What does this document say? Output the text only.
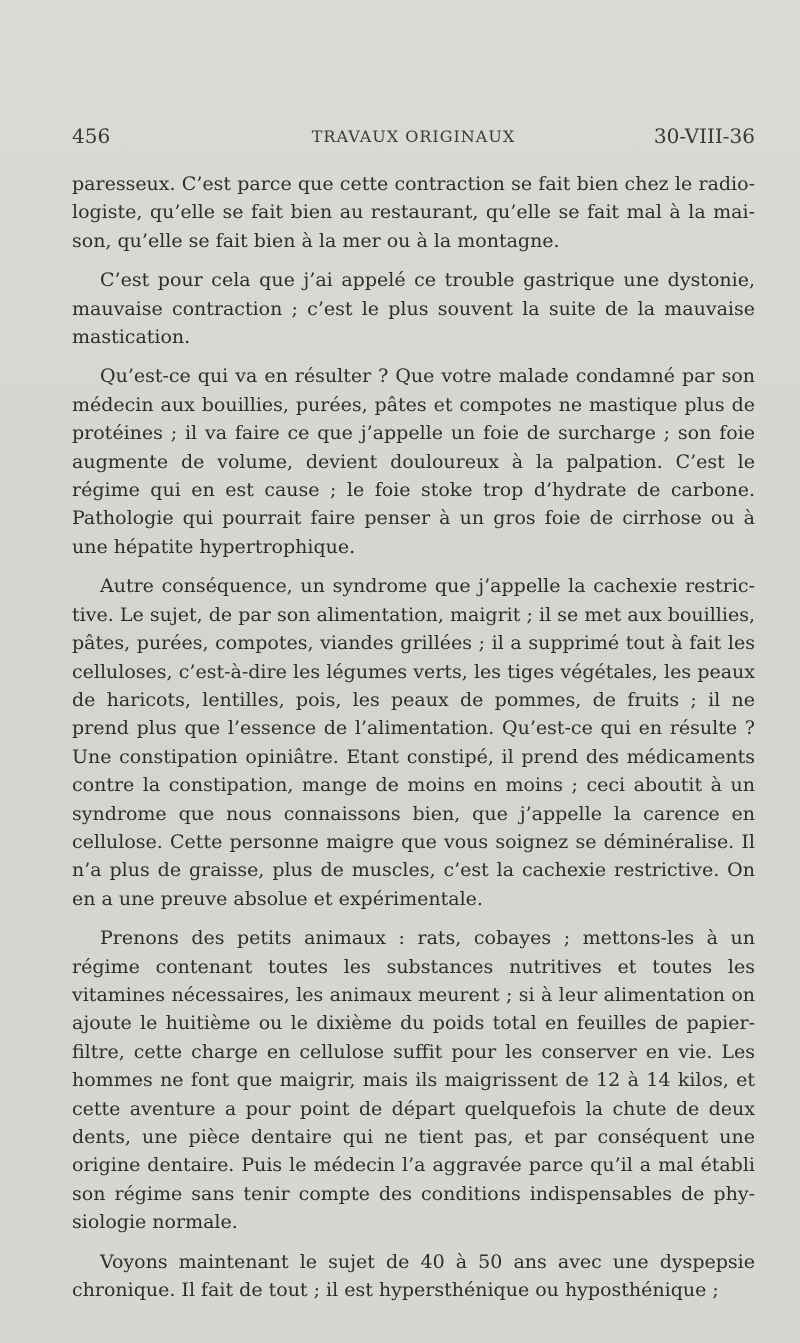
456	TRAVAUX ORIGINAUX	30-VIII-36

paresseux. C’est parce que cette contraction se fait bien chez le radiologiste, qu’elle se fait bien au restaurant, qu’elle se fait mal à la maison, qu’elle se fait bien à la mer ou à la montagne.

C’est pour cela que j’ai appelé ce trouble gastrique une dystonie, mauvaise contraction ; c’est le plus souvent la suite de la mauvaise mastication.

Qu’est-ce qui va en résulter ? Que votre malade condamné par son médecin aux bouillies, purées, pâtes et compotes ne mastique plus de protéines ; il va faire ce que j’appelle un foie de surcharge ; son foie augmente de volume, devient douloureux à la palpation. C’est le régime qui en est cause ; le foie stoke trop d’hydrate de carbone. Pathologie qui pourrait faire penser à un gros foie de cirrhose ou à une hépatite hypertrophique.

Autre conséquence, un syndrome que j’appelle la cachexie restrictive. Le sujet, de par son alimentation, maigrit ; il se met aux bouillies, pâtes, purées, compotes, viandes grillées ; il a supprimé tout à fait les celluloses, c’est-à-dire les légumes verts, les tiges végétales, les peaux de haricots, lentilles, pois, les peaux de pommes, de fruits ; il ne prend plus que l’essence de l’alimentation. Qu’est-ce qui en résulte ? Une constipation opiniâtre. Etant constipé, il prend des médicaments contre la constipation, mange de moins en moins ; ceci aboutit à un syndrome que nous connaissons bien, que j’appelle la carence en cellulose. Cette personne maigre que vous soignez se déminéralise. Il n’a plus de graisse, plus de muscles, c’est la cachexie restrictive. On en a une preuve absolue et expérimentale.

Prenons des petits animaux : rats, cobayes ; mettons-les à un régime contenant toutes les substances nutritives et toutes les vitamines nécessaires, les animaux meurent ; si à leur alimentation on ajoute le huitième ou le dixième du poids total en feuilles de papier-filtre, cette charge en cellulose suffit pour les conserver en vie. Les hommes ne font que maigrir, mais ils maigrissent de 12 à 14 kilos, et cette aventure a pour point de départ quelquefois la chute de deux dents, une pièce dentaire qui ne tient pas, et par conséquent une origine dentaire. Puis le médecin l’a aggravée parce qu’il a mal établi son régime sans tenir compte des conditions indispensables de physiologie normale.

Voyons maintenant le sujet de 40 à 50 ans avec une dyspepsie chronique. Il fait de tout ; il est hypersthénique ou hyposthénique ;
